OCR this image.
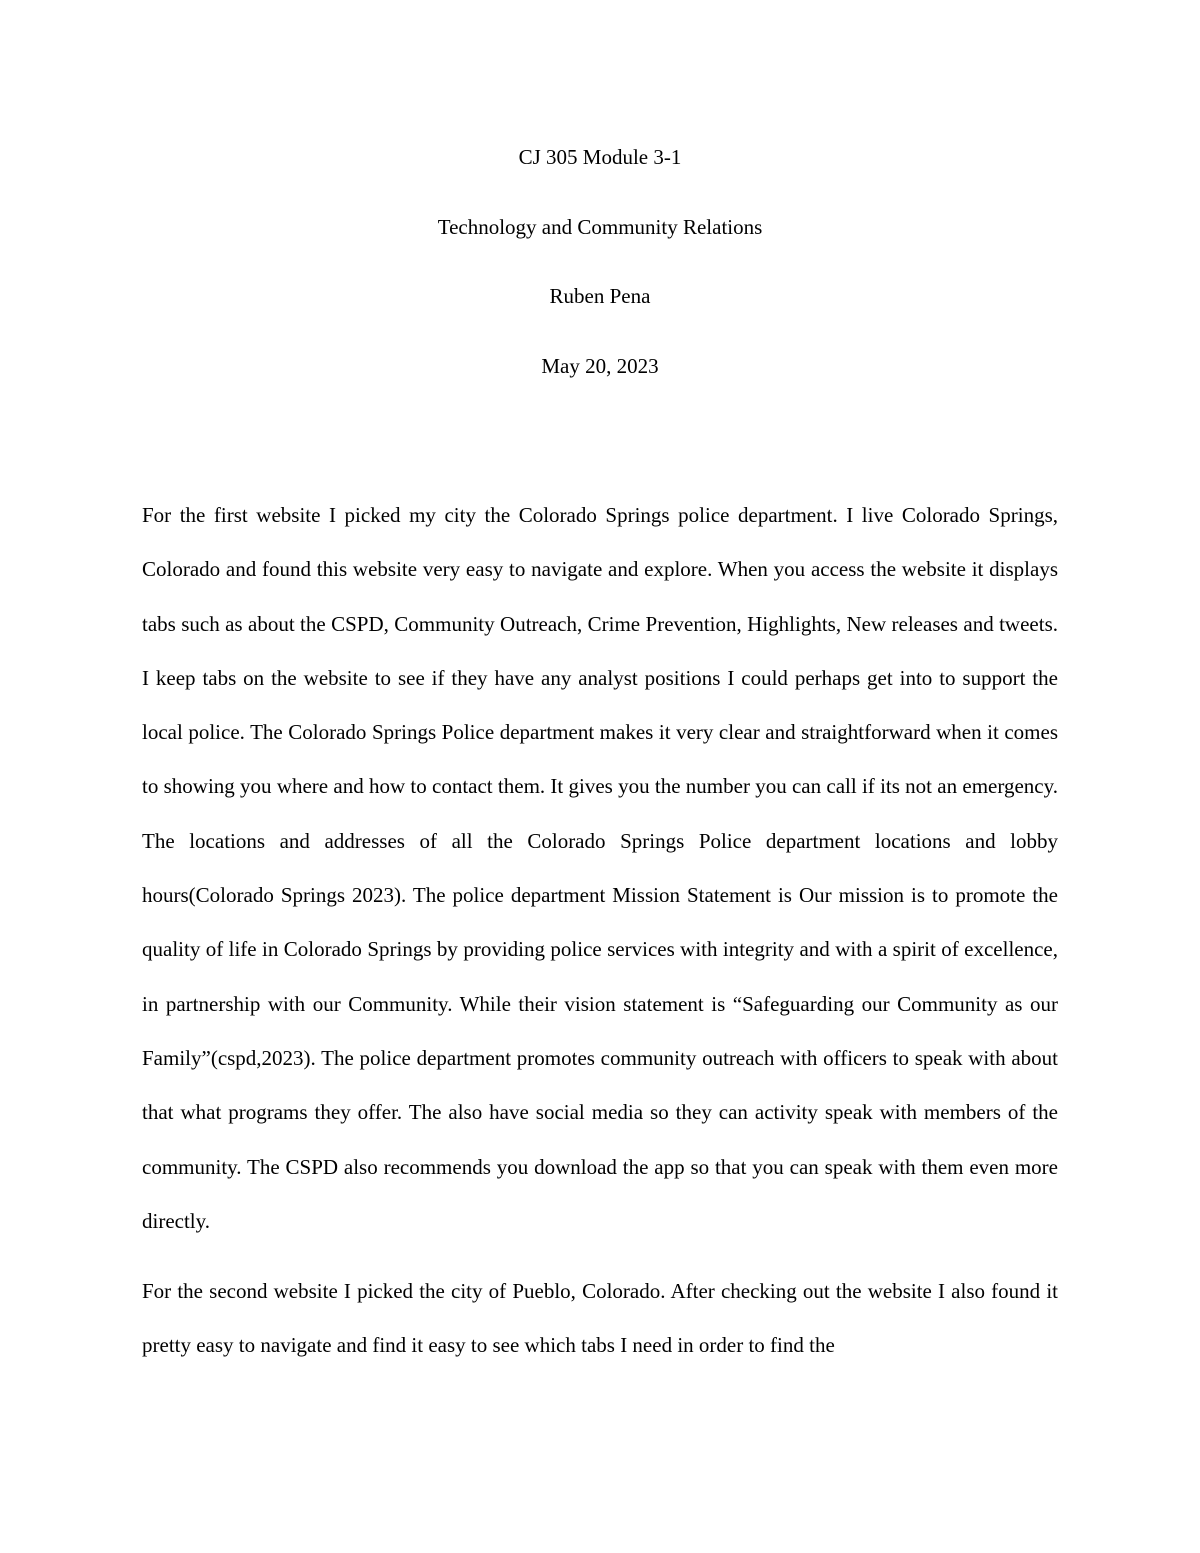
CJ 305 Module 3-1

Technology and Community Relations

Ruben Pena

May 20, 2023

For the first website I picked my city the Colorado Springs police department. I live Colorado Springs, Colorado and found this website very easy to navigate and explore. When you access the website it displays tabs such as about the CSPD, Community Outreach, Crime Prevention, Highlights, New releases and tweets. I keep tabs on the website to see if they have any analyst positions I could perhaps get into to support the local police. The Colorado Springs Police department makes it very clear and straightforward when it comes to showing you where and how to contact them. It gives you the number you can call if its not an emergency. The locations and addresses of all the Colorado Springs Police department locations and lobby hours(Colorado Springs 2023). The police department Mission Statement is Our mission is to promote the quality of life in Colorado Springs by providing police services with integrity and with a spirit of excellence, in partnership with our Community. While their vision statement is “Safeguarding our Community as our Family”(cspd,2023). The police department promotes community outreach with officers to speak with about that what programs they offer. The also have social media so they can activity speak with members of the community. The CSPD also recommends you download the app so that you can speak with them even more directly.

For the second website I picked the city of Pueblo, Colorado. After checking out the website I also found it pretty easy to navigate and find it easy to see which tabs I need in order to find the
